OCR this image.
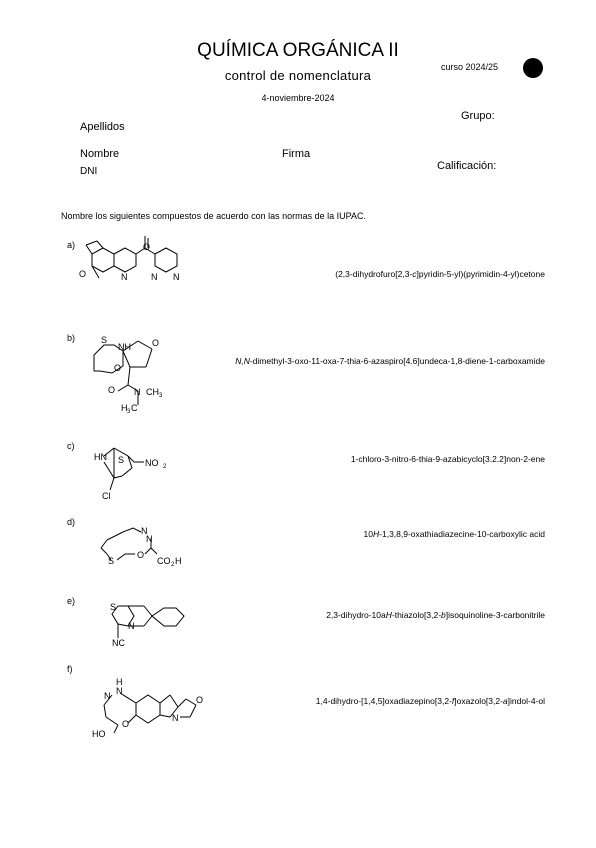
QUÍMICA ORGÁNICA II
control de nomenclatura
4-noviembre-2024
curso 2024/25
Apellidos
Grupo:
Nombre	Firma
DNI	Calificación:
Nombre los siguientes compuestos de acuerdo con las normas de la IUPAC.
a)
O
O
N	N N	(2,3-dihydrofuro[2,3-c]pyridin-5-yl)(pyrimidin-4-yl)cetone
b)	S
NH O
O
O N CH 3
H 3 C
N,N-dimethyl-3-oxo-11-oxa-7-thia-6-azaspiro[4.6]undeca-1,8-diene-1-carboxamide
c)
HN S NO 2
Cl
1-chloro-3-nitro-6-thia-9-azabicyclo[3.2.2]non-2-ene
d)
N
N
S
O
CO 2 H
10H-1,3,8,9-oxathiadiazecine-10-carboxylic acid
e)
S
N
NC
2,3-dihydro-10aH-thiazolo[3,2-b]isoquinoline-3-carbonitrile
f)
H
N
N
O
HO
O
N
1,4-dihydro-[1,4,5]oxadiazepino[3,2-f]oxazolo[3,2-a]indol-4-ol
